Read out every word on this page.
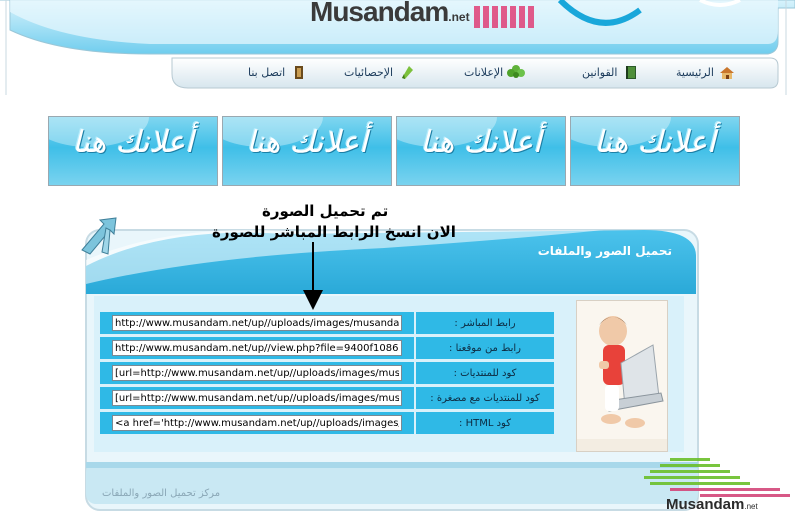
Musandam .net
الرئيسية
القوانين
الإعلانات
الإحصائيات
اتصل بنا
أعلانك هنا	أعلانك هنا	أعلانك هنا	أعلانك هنا
تحميل الصور والملفات
مركز تحميل الصور والملفات
رابط المباشر :
http://www.musandam.net/up//uploads/images/musandam
رابط من موقعنا :
http://www.musandam.net/up//view.php?file=9400f10868
كود للمنتديات :
[url=http://www.musandam.net/up//uploads/images/musan
كود للمنتديات مع مصغرة :
[url=http://www.musandam.net/up//uploads/images/musan
كود HTML :
<a href='http://www.musandam.net/up//uploads/images/m
تم تحميل الصورة
الان انسخ الرابط المباشر للصورة
Musandam .net
